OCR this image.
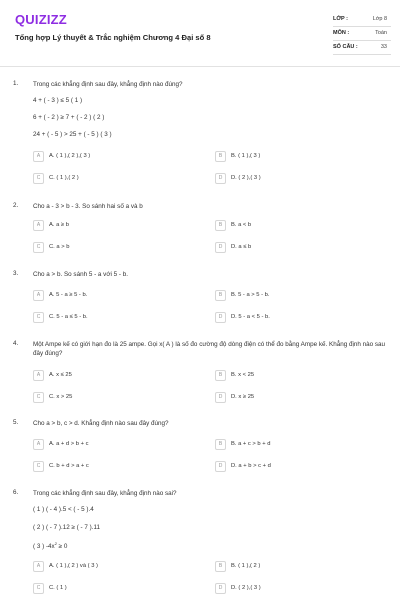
QUIZIZZ
Tổng hợp Lý thuyết & Trắc nghiệm Chương 4 Đại số 8
LỚP :	Lớp 8
MÔN :	Toán
SỐ CÂU :	33
1. Trong các khẳng định sau đây, khẳng định nào đúng?
4 + ( - 3 ) ≤ 5 ( 1 )
6 + ( - 2 ) ≥ 7 + ( - 2 ) ( 2 )
24 + ( - 5 ) > 25 + ( - 5 ) ( 3 )
A	A. ( 1 ),( 2 ),( 3 )	B	B. ( 1 ),( 3 )
C	C. ( 1 ),( 2 )	D	D. ( 2 ),( 3 )
2. Cho a - 3 > b - 3. So sánh hai số a và b
A	A. a ≥ b	B	B. a < b
C	C. a > b	D	D. a ≤ b
3. Cho a > b. So sánh 5 - a với 5 - b.
A	A. 5 - a ≥ 5 - b.	B	B. 5 - a > 5 - b.
C	C. 5 - a ≤ 5 - b.	D	D. 5 - a < 5 - b.
4. Một Ampe kế có giới hạn đo là 25 ampe. Gọi x( A ) là số đo cường độ dòng điện có thể đo bằng Ampe kế. Khẳng định nào sau đây đúng?
A	A. x ≤ 25	B	B. x < 25
C	C. x > 25	D	D. x ≥ 25
5. Cho a > b, c > d. Khẳng định nào sau đây đúng?
A	A. a + d > b + c	B	B. a + c > b + d
C	C. b + d > a + c	D	D. a + b > c + d
6. Trong các khẳng định sau đây, khẳng định nào sai?
( 1 ) ( - 4 ).5 < ( - 5 ).4
( 2 ) ( - 7 ).12 ≥ ( - 7 ).11
( 3 ) $-4x^2 \ge 0$
A	A. ( 1 ),( 2 ) và ( 3 )	B	B. ( 1 ),( 2 )
C	C. ( 1 )	D	D. ( 2 ),( 3 )
